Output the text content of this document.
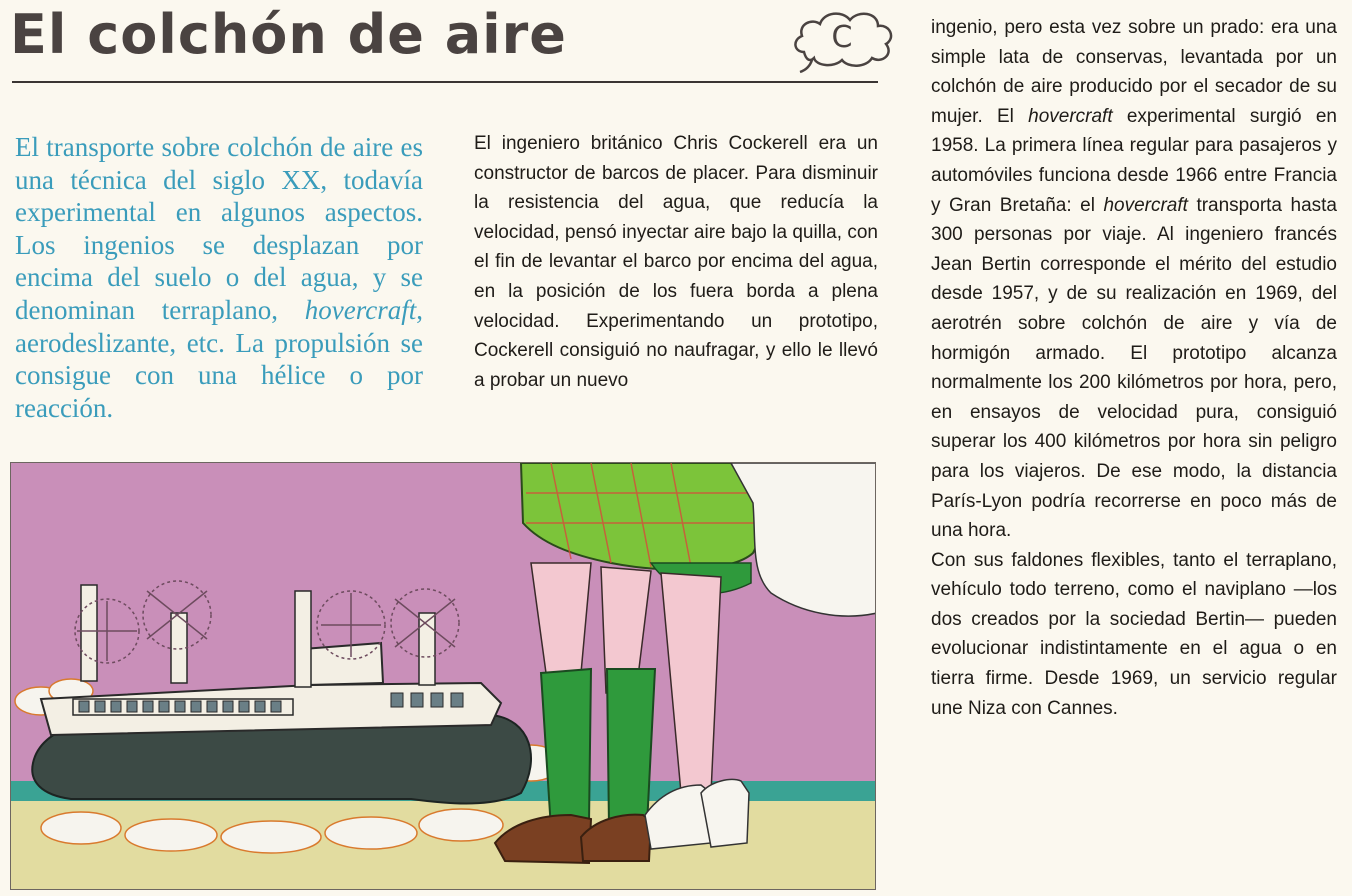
El colchón de aire	C

El transporte sobre colchón de aire es una técnica del siglo XX, todavía experimental en algunos aspectos. Los ingenios se desplazan por encima del suelo o del agua, y se denominan terraplano, hovercraft, aerodeslizante, etc. La propulsión se consigue con una hélice o por reacción.

El ingeniero británico Chris Cockerell era un constructor de barcos de placer. Para disminuir la resistencia del agua, que reducía la velocidad, pensó inyectar aire bajo la quilla, con el fin de levantar el barco por encima del agua, en la posición de los fuera borda a plena velocidad. Experimentando un prototipo, Cockerell consiguió no naufragar, y ello le llevó a probar un nuevo

ingenio, pero esta vez sobre un prado: era una simple lata de conservas, levantada por un colchón de aire producido por el secador de su mujer. El hovercraft experimental surgió en 1958. La primera línea regular para pasajeros y automóviles funciona desde 1966 entre Francia y Gran Bretaña: el hovercraft transporta hasta 300 personas por viaje. Al ingeniero francés Jean Bertin corresponde el mérito del estudio desde 1957, y de su realización en 1969, del aerotrén sobre colchón de aire y vía de hormigón armado. El prototipo alcanza normalmente los 200 kilómetros por hora, pero, en ensayos de velocidad pura, consiguió superar los 400 kilómetros por hora sin peligro para los viajeros. De ese modo, la distancia París-Lyon podría recorrerse en poco más de una hora.

Con sus faldones flexibles, tanto el terraplano, vehículo todo terreno, como el naviplano —los dos creados por la sociedad Bertin— pueden evolucionar indistintamente en el agua o en tierra firme. Desde 1969, un servicio regular une Niza con Cannes.
